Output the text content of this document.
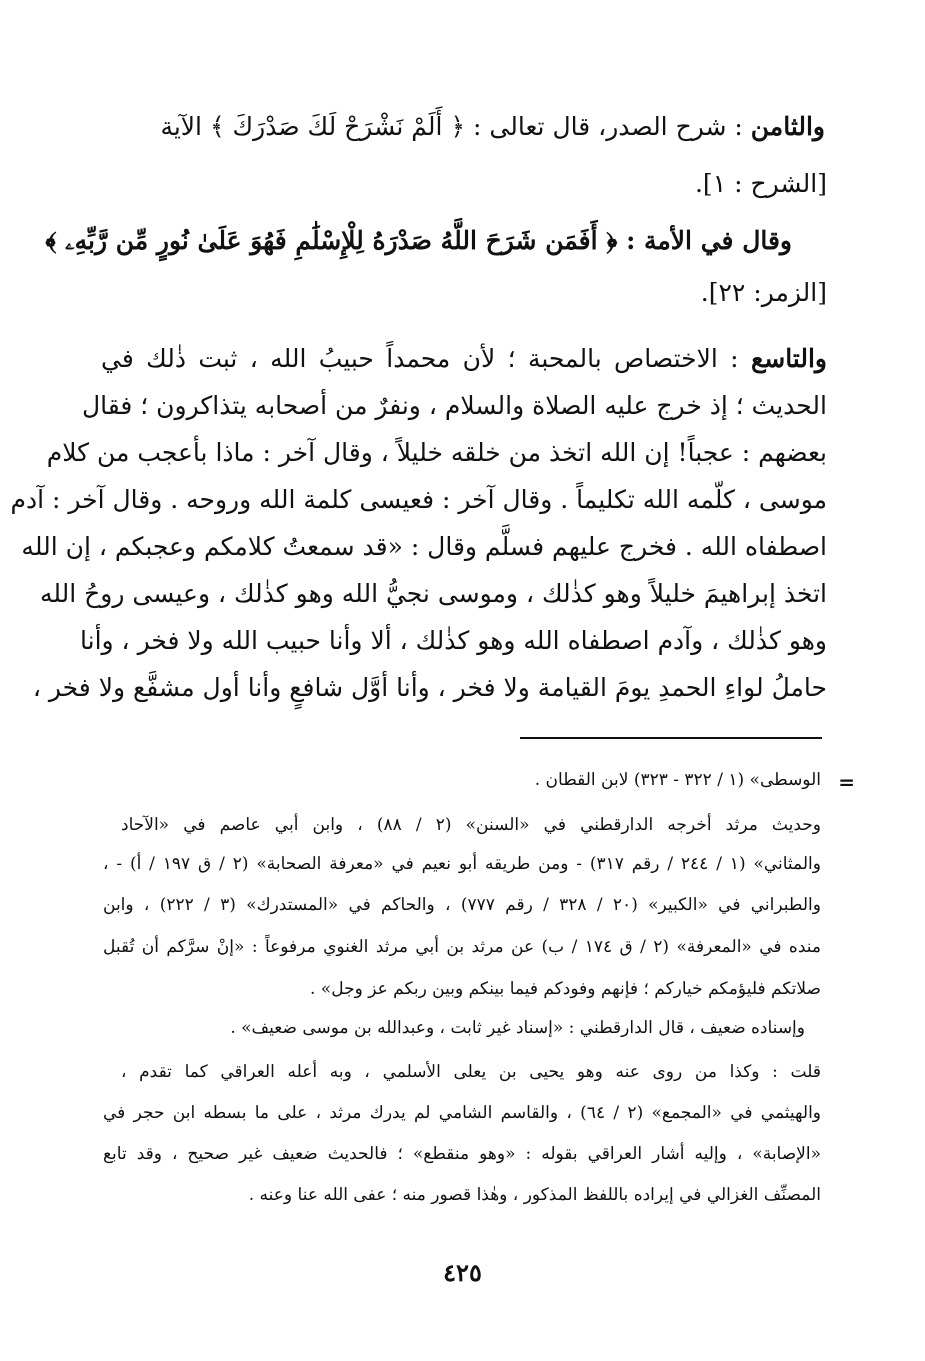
والثامن : شرح الصدر، قال تعالى : ﴿ أَلَمْ نَشْرَحْ لَكَ صَدْرَكَ ﴾ الآية
[الشرح : ١].
وقال في الأمة : ﴿ أَفَمَن شَرَحَ اللَّهُ صَدْرَهُ لِلْإِسْلَٰمِ فَهُوَ عَلَىٰ نُورٍ مِّن رَّبِّهِۦ ﴾
[الزمر: ٢٢].
والتاسع : الاختصاص بالمحبة ؛ لأن محمداً حبيبُ الله ، ثبت ذٰلك في
الحديث ؛ إذ خرج عليه الصلاة والسلام ، ونفرٌ من أصحابه يتذاكرون ؛ فقال
بعضهم : عجباً! إن الله اتخذ من خلقه خليلاً ، وقال آخر : ماذا بأعجب من كلام
موسى ، كلّمه الله تكليماً . وقال آخر : فعيسى كلمة الله وروحه . وقال آخر : آدم
اصطفاه الله . فخرج عليهم فسلَّم وقال : «قد سمعتُ كلامكم وعجبكم ، إن الله
اتخذ إبراهيمَ خليلاً وهو كذٰلك ، وموسى نجيُّ الله وهو كذٰلك ، وعيسى روحُ الله
وهو كذٰلك ، وآدم اصطفاه الله وهو كذٰلك ، ألا وأنا حبيب الله ولا فخر ، وأنا
حاملُ لواءِ الحمدِ يومَ القيامة ولا فخر ، وأنا أوَّل شافعٍ وأنا أول مشفَّع ولا فخر ،
=
الوسطى» (١ / ٣٢٢ - ٣٢٣) لابن القطان .
وحديث مرثد أخرجه الدارقطني في «السنن» (٢ / ٨٨) ، وابن أبي عاصم في «الآحاد
والمثاني» (١ / ٢٤٤ / رقم ٣١٧) - ومن طريقه أبو نعيم في «معرفة الصحابة» (٢ / ق ١٩٧ / أ) - ،
والطبراني في «الكبير» (٢٠ / ٣٢٨ / رقم ٧٧٧) ، والحاكم في «المستدرك» (٣ / ٢٢٢) ، وابن
منده في «المعرفة» (٢ / ق ١٧٤ / ب) عن مرثد بن أبي مرثد الغنوي مرفوعاً : «إنْ سرَّكم أن تُقبل
صلاتكم فليؤمكم خياركم ؛ فإنهم وفودكم فيما بينكم وبين ربكم عز وجل» .
وإسناده ضعيف ، قال الدارقطني : «إسناد غير ثابت ، وعبدالله بن موسى ضعيف» .
قلت : وكذا من روى عنه وهو يحيى بن يعلى الأسلمي ، وبه أعله العراقي كما تقدم ،
والهيثمي في «المجمع» (٢ / ٦٤) ، والقاسم الشامي لم يدرك مرثد ، على ما بسطه ابن حجر في
«الإصابة» ، وإليه أشار العراقي بقوله : «وهو منقطع» ؛ فالحديث ضعيف غير صحيح ، وقد تابع
المصنِّف الغزالي في إيراده باللفظ المذكور ، وهٰذا قصور منه ؛ عفى الله عنا وعنه .
٤٢٥
